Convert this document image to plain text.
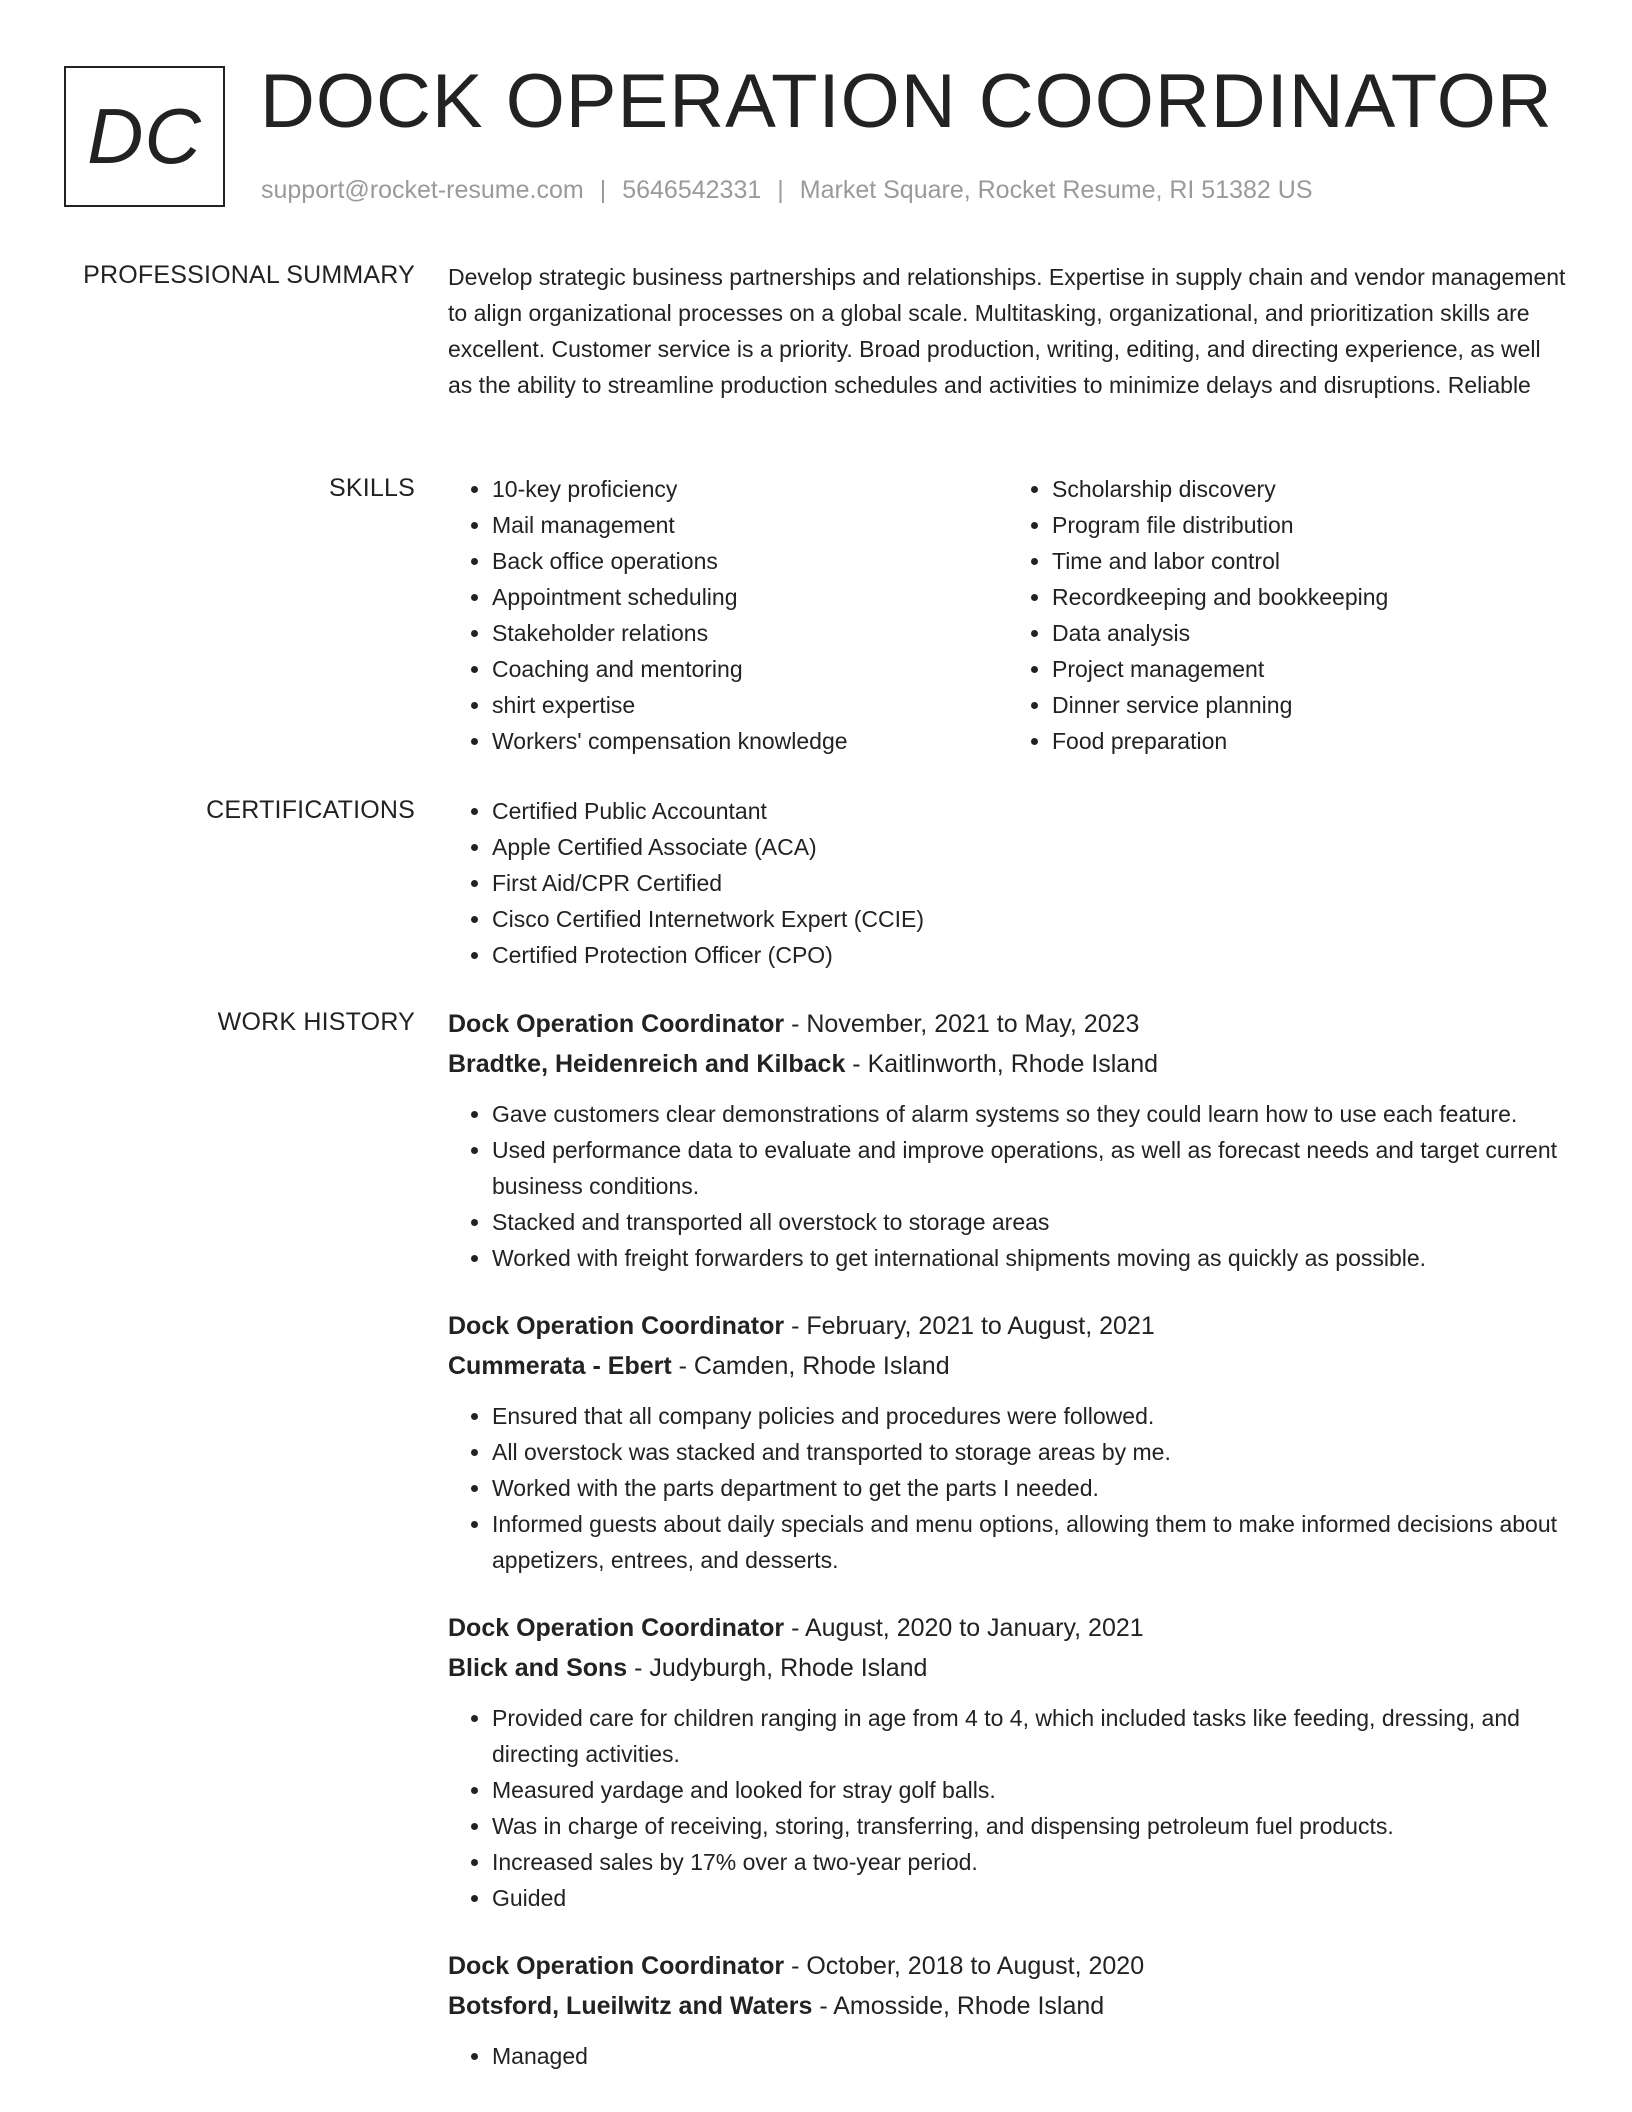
DC DOCK OPERATION COORDINATOR
support@rocket-resume.com | 5646542331 | Market Square, Rocket Resume, RI 51382 US
PROFESSIONAL SUMMARY Develop strategic business partnerships and relationships. Expertise in supply chain and vendor management to align organizational processes on a global scale. Multitasking, organizational, and prioritization skills are excellent. Customer service is a priority. Broad production, writing, editing, and directing experience, as well as the ability to streamline production schedules and activities to minimize delays and disruptions. Reliable

SKILLS	• 10-key proficiency
• Mail management
• Back office operations
• Appointment scheduling
• Stakeholder relations
• Coaching and mentoring
• shirt expertise
• Workers' compensation knowledge
• Scholarship discovery
• Program file distribution
• Time and labor control
• Recordkeeping and bookkeeping
• Data analysis
• Project management
• Dinner service planning
• Food preparation
CERTIFICATIONS	• Certified Public Accountant
• Apple Certified Associate (ACA)
• First Aid/CPR Certified
• Cisco Certified Internetwork Expert (CCIE)
• Certified Protection Officer (CPO)
WORK HISTORY Dock Operation Coordinator - November, 2021 to May, 2023
Bradtke, Heidenreich and Kilback - Kaitlinworth, Rhode Island
• Gave customers clear demonstrations of alarm systems so they could learn how to use each feature.
• Used performance data to evaluate and improve operations, as well as forecast needs and target current business conditions.
• Stacked and transported all overstock to storage areas
• Worked with freight forwarders to get international shipments moving as quickly as possible.
Dock Operation Coordinator - February, 2021 to August, 2021
Cummerata - Ebert - Camden, Rhode Island
• Ensured that all company policies and procedures were followed.
• All overstock was stacked and transported to storage areas by me.
• Worked with the parts department to get the parts I needed.
• Informed guests about daily specials and menu options, allowing them to make informed decisions about appetizers, entrees, and desserts.
Dock Operation Coordinator - August, 2020 to January, 2021
Blick and Sons - Judyburgh, Rhode Island
• Provided care for children ranging in age from 4 to 4, which included tasks like feeding, dressing, and directing activities.
• Measured yardage and looked for stray golf balls.
• Was in charge of receiving, storing, transferring, and dispensing petroleum fuel products.
• Increased sales by 17% over a two-year period.
• Guided
Dock Operation Coordinator - October, 2018 to August, 2020
Botsford, Lueilwitz and Waters - Amosside, Rhode Island
• Managed
